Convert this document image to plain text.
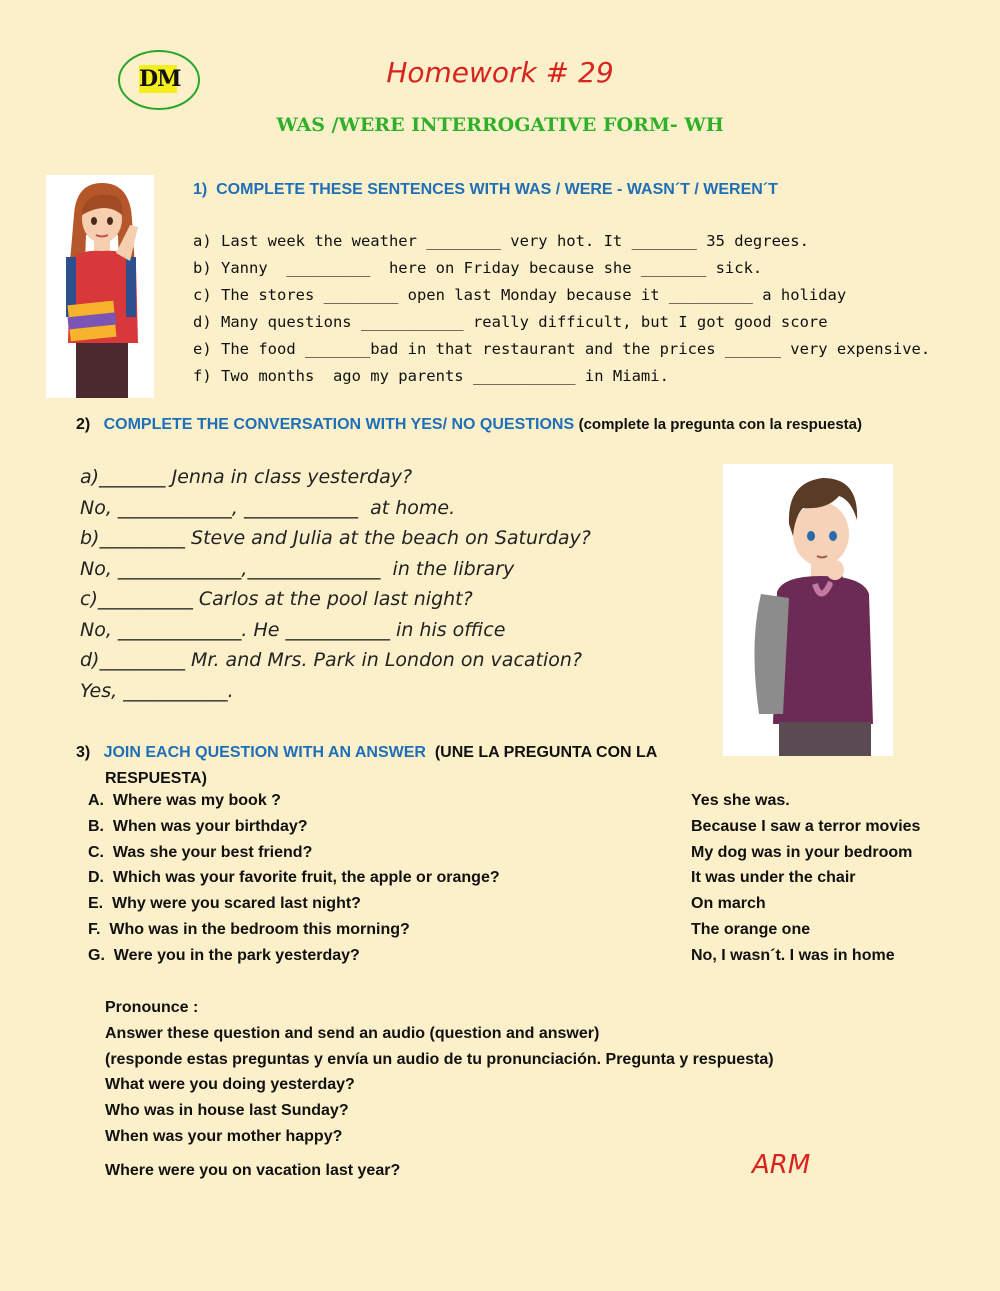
DM	Homework # 29
WAS /WERE INTERROGATIVE FORM- WH
1) COMPLETE THESE SENTENCES WITH WAS / WERE - WASN´T / WEREN´T
a) Last week the weather ________ very hot. It _______ 35 degrees.
b) Yanny  _________  here on Friday because she _______ sick.
c) The stores ________ open last Monday because it _________ a holiday
d) Many questions ___________ really difficult, but I got good score
e) The food _______bad in that restaurant and the prices ______ very expensive.
f) Two months  ago my parents ___________ in Miami.
2) COMPLETE THE CONVERSATION WITH YES/ NO QUESTIONS (complete la pregunta con la respuesta)
a)_______ Jenna in class yesterday?
No, ____________, ____________  at home.
b)_________ Steve and Julia at the beach on Saturday?
No, _____________,______________  in the library
c)__________ Carlos at the pool last night?
No, _____________. He ___________ in his office
d)_________ Mr. and Mrs. Park in London on vacation?
Yes, ___________.
3) JOIN EACH QUESTION WITH AN ANSWER (UNE LA PREGUNTA CON LA
RESPUESTA)
A.  Where was my book ?
B.  When was your birthday?
C.  Was she your best friend?
D.  Which was your favorite fruit, the apple or orange?
E.  Why were you scared last night?
F.  Who was in the bedroom this morning?
G.  Were you in the park yesterday?
Yes she was.
Because I saw a terror movies
My dog was in your bedroom
It was under the chair
On march
The orange one
No, I wasn´t. I was in home
Pronounce :
Answer these question and send an audio (question and answer)
(responde estas preguntas y envía un audio de tu pronunciación. Pregunta y respuesta)
What were you doing yesterday?
Who was in house last Sunday?
When was your mother happy?
Where were you on vacation last year?	ARM
